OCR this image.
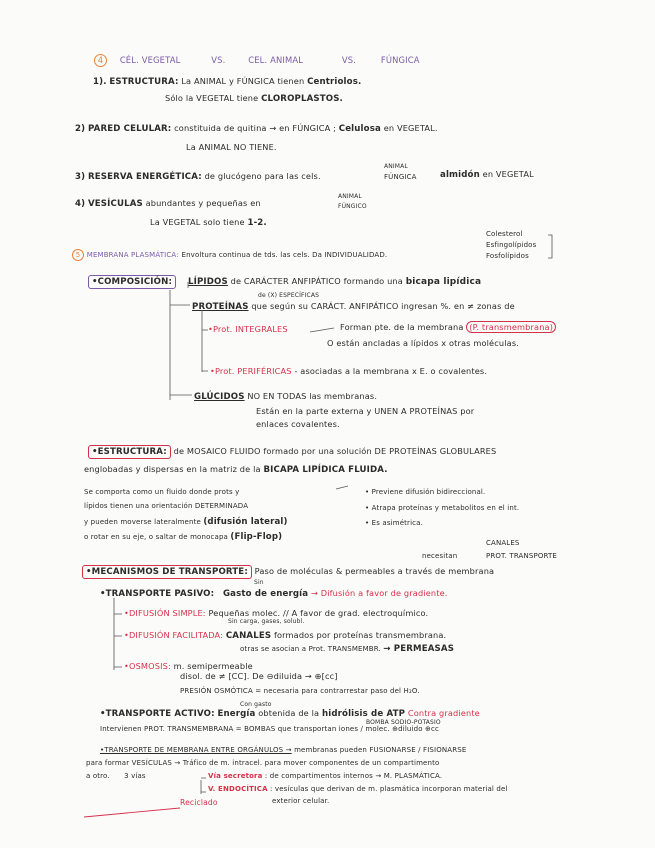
4 CÉL. VEGETAL	VS.	CEL. ANIMAL	VS.	FÚNGICA
1). ESTRUCTURA: La ANIMAL y FÚNGICA tienen Centriolos.
Sólo la VEGETAL tiene CLOROPLASTOS.
2) PARED CELULAR: constituida de quitina → en FÚNGICA ; Celulosa en VEGETAL.
La ANIMAL NO TIENE.
3) RESERVA ENERGÉTICA: de glucógeno para las cels.
ANIMAL
FÚNGICA	almidón en VEGETAL
4) VESÍCULAS abundantes y pequeñas en
ANIMAL
FÚNGICO
La VEGETAL solo tiene 1-2.
Colesterol
Esfingolípidos
Fosfolípidos
5 MEMBRANA PLASMÁTICA: Envoltura continua de tds. las cels. Da INDIVIDUALIDAD.
•COMPOSICIÓN:	LÍPIDOS de CARÁCTER ANFIPÁTICO formando una bicapa lipídica
de (X) ESPECÍFICAS
PROTEÍNAS que según su CARÁCT. ANFIPÁTICO ingresan %. en ≠ zonas de
•Prot. INTEGRALES	Forman pte. de la membrana (P. transmembrana)
O están ancladas a lípidos x otras moléculas.
•Prot. PERIFÉRICAS - asociadas a la membrana x E. o covalentes.
GLÚCIDOS NO EN TODAS las membranas.
Están en la parte externa y UNEN A PROTEÍNAS por
enlaces covalentes.
•ESTRUCTURA: de MOSAICO FLUIDO formado por una solución DE PROTEÍNAS GLOBULARES
englobadas y dispersas en la matriz de la BICAPA LIPÍDICA FLUIDA.
Se comporta como un fluido donde prots y
lípidos tienen una orientación DETERMINADA
y pueden moverse lateralmente (difusión lateral)
o rotar en su eje, o saltar de monocapa (Flip-Flop)
• Previene difusión bidireccional.
• Atrapa proteínas y metabolitos en el int.
• Es asimétrica.
CANALES
necesitan	PROT. TRANSPORTE
•MECANISMOS DE TRANSPORTE: Paso de moléculas & permeables a través de membrana
Sin
•TRANSPORTE PASIVO: Gasto de energía → Difusión a favor de gradiente.
•DIFUSIÓN SIMPLE: Pequeñas molec. // A favor de grad. electroquímico.
Sin carga, gases, solubl.
•DIFUSIÓN FACILITADA: CANALES formados por proteínas transmembrana.
otras se asocian a Prot. TRANSMEMBR. → PERMEASAS
•OSMOSIS: m. semipermeable
disol. de ≠ [CC]. De ⊖diluida → ⊕[cc]
PRESIÓN OSMÓTICA = necesaria para contrarrestar paso del H₂O.
Con gasto
•TRANSPORTE ACTIVO: Energía obtenida de la hidrólisis de ATP Contra gradiente
BOMBA SODIO-POTASIO
Intervienen PROT. TRANSMEMBRANA = BOMBAS que transportan iones / molec. ⊕diluido ⊕cc
•TRANSPORTE DE MEMBRANA ENTRE ORGÁNULOS → membranas pueden FUSIONARSE / FISIONARSE
para formar VESÍCULAS → Tráfico de m. intracel. para mover componentes de un compartimento
a otro. 3 vías	Vía secretora : de compartimentos internos → M. PLASMÁTICA.
V. ENDOCÍTICA : vesículas que derivan de m. plasmática incorporan material del
exterior celular.
Reciclado
